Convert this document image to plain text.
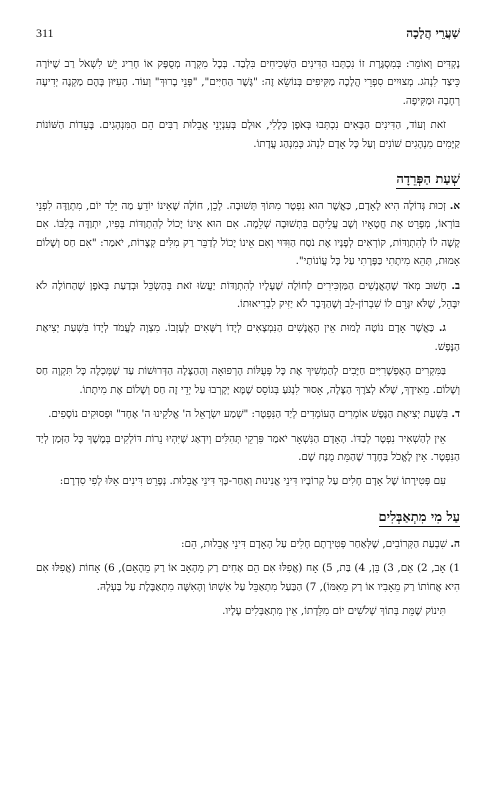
שַׁעֲרֵי הֲלָכָה
311

נָקְדִּים וְאוֹמֵר: בְּמִסְגֶּרֶת זוֹ נִכְתְּבוּ הַדִּינִים הַשְּׁכִיחִים בִּלְבַד. בְּכָל מִקְרֶה מְסֻפָּק אוֹ חָרִיג יֵשׁ לִשְׁאֹל רַב שֶׁיּוֹרֶה כֵּיצַד לִנְהֹג. מְצוּיִים סִפְרֵי הֲלָכָה מַקִּיפִים בְּנוֹשֵׂא זֶה: "גֶּשֶׁר הַחַיִּים", "פְּנֵי בָרוּךְ" וְעוֹד. הָעִיּוּן בָּהֶם מַקְנֶה יְדִיעָה רְחָבָה וּמַקִּיפָה.

זֹאת וְעוֹד, הַדִּינִים הַבָּאִים נִכְתְּבוּ בְּאֹפֶן כְּלָלִי, אוּלָם בְּעִנְיְנֵי אֲבֵלוּת רַבִּים הֵם הַמִּנְהָגִים. בָּעֵדוֹת הַשּׁוֹנוֹת קַיָּמִים מִנְהָגִים שׁוֹנִים וְעַל כָּל אָדָם לִנְהֹג כְּמִנְהַג עֲדָתוֹ.

שְׁעַת הַפְּרֵדָה

א. זְכוּת גְּדוֹלָה הִיא לָאָדָם, כַּאֲשֶׁר הוּא נִפְטָר מִתּוֹךְ תְּשׁוּבָה. לָכֵן, חוֹלֶה שֶׁאֵינוֹ יוֹדֵעַ מַה יֵּלֵד יוֹם, מִתְוַדֶּה לִפְנֵי בּוֹרְאוֹ, מְפָרֵט אֶת חֲטָאָיו וְשָׁב עֲלֵיהֶם בִּתְשׁוּבָה שְׁלֵמָה. אִם הוּא אֵינוֹ יָכוֹל לְהִתְוַדּוֹת בְּפִיו, יִתְוַדֶּה בְּלִבּוֹ. אִם קָשֶׁה לוֹ לְהִתְוַדּוֹת, קוֹרְאִים לְפָנָיו אֶת נֹסַח הַוִּדּוּי וְאִם אֵינוֹ יָכוֹל לְדַבֵּר רַק מִלִּים קְצָרוֹת, יֹאמַר: "אִם חַס וְשָׁלוֹם אָמוּת, תְּהֵא מִיתָתִי כַּפָּרָתִי עַל כָּל עֲוֹנוֹתַי".

ב. חָשׁוּב מְאֹד שֶׁהָאֲנָשִׁים הַמַּזְכִּירִים לְחוֹלֶה שֶׁעָלָיו לְהִתְוַדּוֹת יַעֲשׂוּ זֹאת בְּהַשְׂכֵּל וּבְדַעַת בְּאֹפֶן שֶׁהַחוֹלֶה לֹא יִבָּהֵל, שֶׁלֹּא יִגָּרֵם לוֹ שִׁבְרוֹן-לֵב וְשֶׁהַדָּבָר לֹא יַזִּיק לִבְרִיאוּתוֹ.

ג. כַּאֲשֶׁר אָדָם נוֹטֶה לָמוּת אֵין הָאֲנָשִׁים הַנִּמְצָאִים לְיָדוֹ רַשָּׁאִים לְעָזְבוֹ. מִצְוָה לַעֲמֹד לְיָדוֹ בִּשְׁעַת יְצִיאַת הַנֶּפֶשׁ.

בַּמִּקְרִים הָאֶפְשָׁרִיִּים חַיָּבִים לְהַמְשִׁיךְ אֶת כָּל פְּעֻלּוֹת הָרְפוּאָה וְהַהַצָּלָה הַדְּרוּשׁוֹת עַד שֶׁמְּכְלֶה כָּל תִּקְוָה חַס וְשָׁלוֹם. מֵאִידָךְ, שֶׁלֹּא לְצֹרֶךְ הַצָּלָה, אָסוּר לִנְגֹּעַ בְּגוֹסֵס שֶׁמָּא יְקָרְבוּ עַל יְדֵי זֶה חַס וְשָׁלוֹם אֶת מִיתָתוֹ.

ד. בִּשְׁעַת יְצִיאַת הַנֶּפֶשׁ אוֹמְרִים הָעוֹמְדִים לְיַד הַנִּפְטָר: "שְׁמַע יִשְׂרָאֵל ה' אֱלֹקֵינוּ ה' אֶחָד" וּפְסוּקִים נוֹסָפִים.

אֵין לְהַשְׁאִיר נִפְטָר לְבַדּוֹ. הָאָדָם הַנִּשְׁאָר יֹאמַר פִּרְקֵי תְּהִלִּים וְיִדְאַג שֶׁיִּהְיוּ נֵרוֹת דּוֹלְקִים בְּמֶשֶׁךְ כָּל הַזְּמַן לְיַד הַנִּפְטָר. אֵין לֶאֱכֹל בַּחֶדֶר שֶׁהַמֵּת מֻנָּח שָׁם.

עִם פְּטִירָתוֹ שֶׁל אָדָם חָלִים עַל קְרוֹבָיו דִּינֵי אֲנִינוּת וְאַחַר-כָּךְ דִּינֵי אֲבֵלוּת. נְפָרֵט דִּינִים אֵלּוּ לְפִי סִדְרָם:

עַל מִי מִתְאַבְּלִים

ה. שִׁבְעַת הַקְּרוֹבִים, שֶׁלְּאַחַר פְּטִירָתָם חָלִים עַל הָאָדָם דִּינֵי אֲבֵלוּת, הֵם:

1) אָב, 2) אֵם, 3) בֵּן, 4) בַּת, 5) אָח (אֲפִלּוּ אִם הֵם אַחִים רַק מֵהָאָב אוֹ רַק מֵהָאֵם), 6) אָחוֹת (אֲפִלּוּ אִם הִיא אֲחוֹתוֹ רַק מֵאָבִיו אוֹ רַק מֵאִמּוֹ), 7) הַבַּעַל מִתְאַבֵּל עַל אִשְׁתּוֹ וְהָאִשָּׁה מִתְאַבֶּלֶת עַל בַּעְלָהּ.

תִּינוֹק שֶׁמֵּת בְּתוֹךְ שְׁלֹשִׁים יוֹם מִלֵּדָתוֹ, אֵין מִתְאַבְּלִים עָלָיו.
